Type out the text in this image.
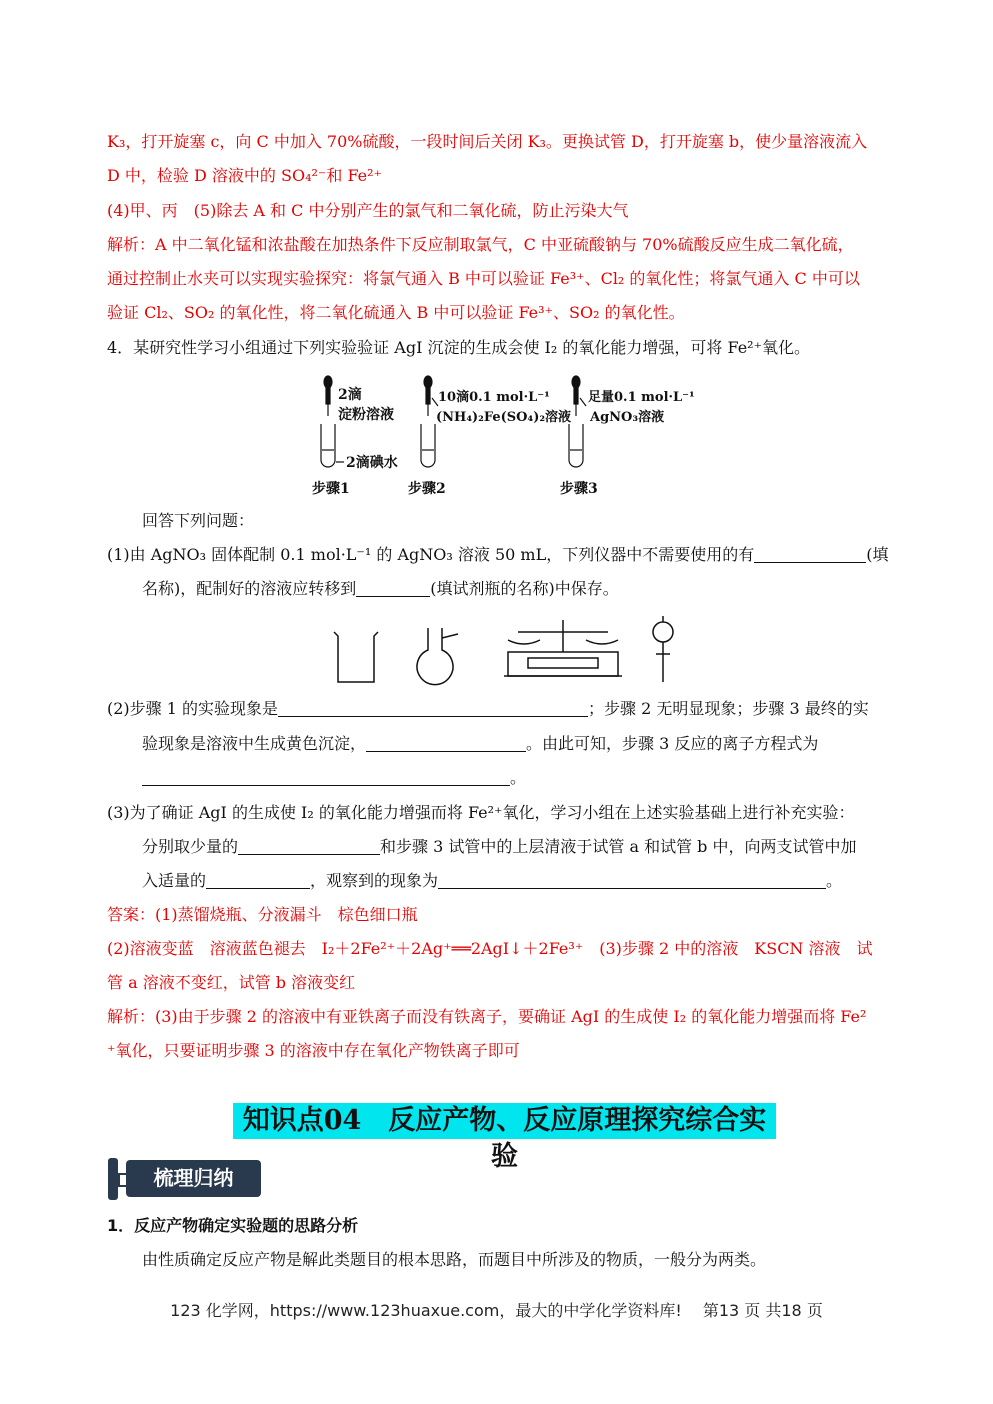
K₃，打开旋塞 c，向 C 中加入 70%硫酸，一段时间后关闭 K₃。更换试管 D，打开旋塞 b，使少量溶液流入
D 中，检验 D 溶液中的 SO₄²⁻和 Fe²⁺
(4)甲、丙　(5)除去 A 和 C 中分别产生的氯气和二氧化硫，防止污染大气
解析：A 中二氧化锰和浓盐酸在加热条件下反应制取氯气，C 中亚硫酸钠与 70%硫酸反应生成二氧化硫，
通过控制止水夹可以实现实验探究：将氯气通入 B 中可以验证 Fe³⁺、Cl₂ 的氧化性；将氯气通入 C 中可以
验证 Cl₂、SO₂ 的氧化性，将二氧化硫通入 B 中可以验证 Fe³⁺、SO₂ 的氧化性。
4．某研究性学习小组通过下列实验验证 AgI 沉淀的生成会使 I₂ 的氧化能力增强，可将 Fe²⁺氧化。
2滴
淀粉溶液
2滴碘水
步骤1
10滴0.1 mol·L⁻¹
(NH₄)₂Fe(SO₄)₂溶液
步骤2
足量0.1 mol·L⁻¹
AgNO₃溶液
步骤3
回答下列问题：
(1)由 AgNO₃ 固体配制 0.1 mol·L⁻¹ 的 AgNO₃ 溶液 50 mL，下列仪器中不需要使用的有	(填
名称)，配制好的溶液应转移到	(填试剂瓶的名称)中保存。
(2)步骤 1 的实验现象是	；步骤 2 无明显现象；步骤 3 最终的实
验现象是溶液中生成黄色沉淀，	。由此可知，步骤 3 反应的离子方程式为
。
(3)为了确证 AgI 的生成使 I₂ 的氧化能力增强而将 Fe²⁺氧化，学习小组在上述实验基础上进行补充实验：
分别取少量的	和步骤 3 试管中的上层清液于试管 a 和试管 b 中，向两支试管中加
入适量的	，观察到的现象为	。
答案：(1)蒸馏烧瓶、分液漏斗　棕色细口瓶
(2)溶液变蓝　溶液蓝色褪去　I₂＋2Fe²⁺＋2Ag⁺══2AgI↓＋2Fe³⁺　(3)步骤 2 中的溶液　KSCN 溶液　试
管 a 溶液不变红，试管 b 溶液变红
解析：(3)由于步骤 2 的溶液中有亚铁离子而没有铁离子，要确证 AgI 的生成使 I₂ 的氧化能力增强而将 Fe²
⁺氧化，只要证明步骤 3 的溶液中存在氧化产物铁离子即可
知识点04　反应产物、反应原理探究综合实验
梳理归纳
1．反应产物确定实验题的思路分析
由性质确定反应产物是解此类题目的根本思路，而题目中所涉及的物质，一般分为两类。
123 化学网，https://www.123huaxue.com，最大的中学化学资料库!　 第13 页 共18 页
